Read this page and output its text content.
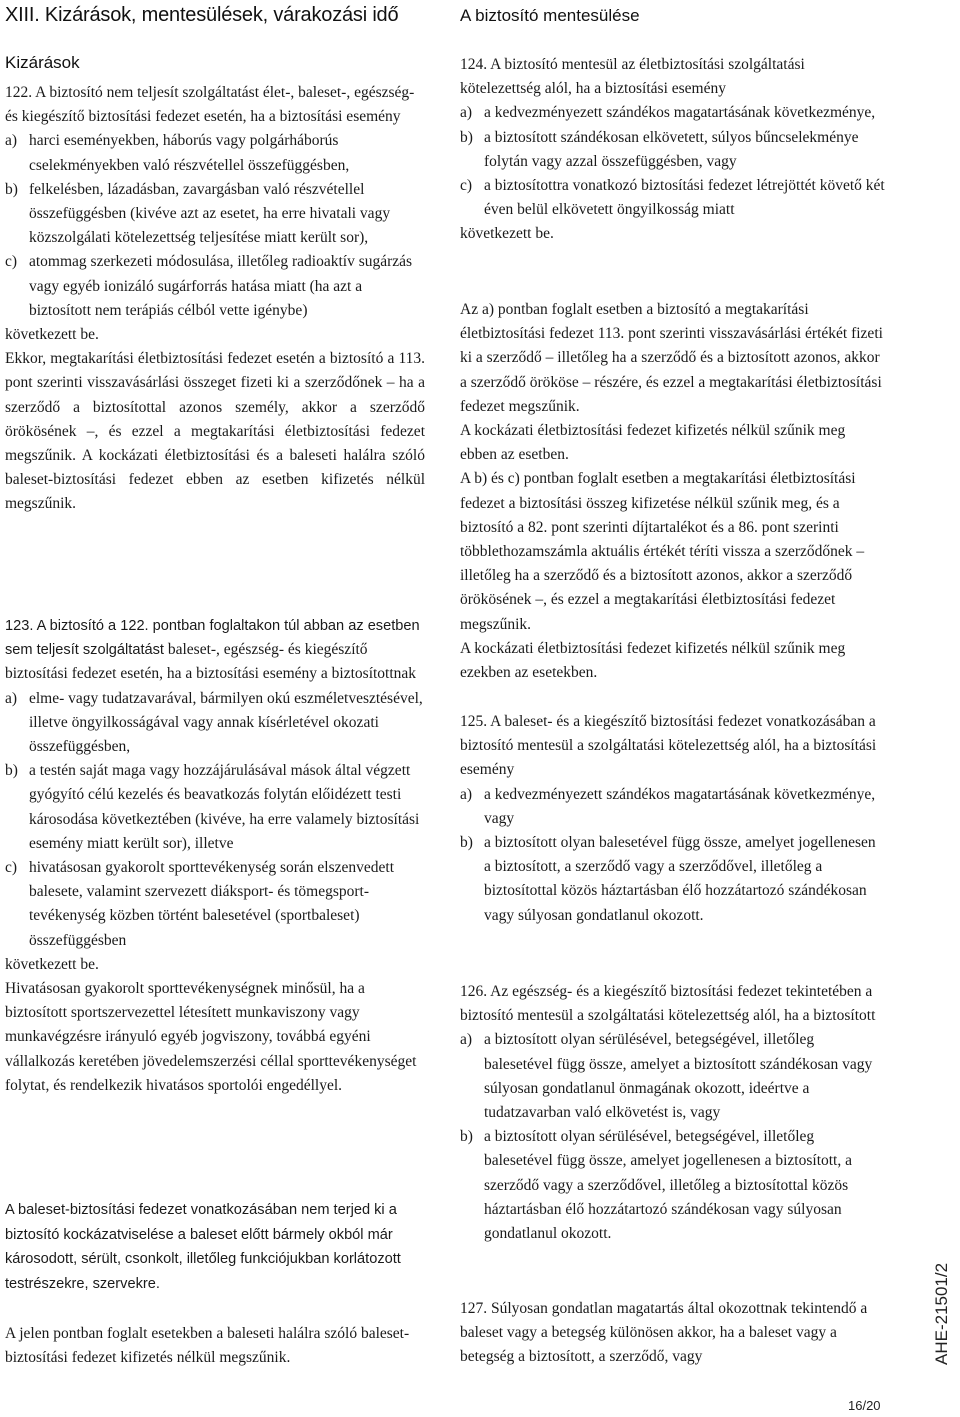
XIII. Kizárások, mentesülések, várakozási idő
Kizárások

122. A biztosító nem teljesít szolgáltatást élet-, baleset-, egészség- és kiegészítő biztosítási fedezet esetén, ha a biztosítási esemény

a) harci eseményekben, háborús vagy polgárháborús cselekményekben való részvétellel összefüggésben,
b) felkelésben, lázadásban, zavargásban való részvétellel összefüggésben (kivéve azt az esetet, ha erre hivatali vagy közszolgálati kötelezettség teljesítése miatt került sor),
c) atommag szerkezeti módosulása, illetőleg radioaktív sugárzás vagy egyéb ionizáló sugárforrás hatása miatt (ha azt a biztosított nem terápiás célból vette igénybe)

következett be.

Ekkor, megtakarítási életbiztosítási fedezet esetén a biztosító a 113. pont szerinti visszavásárlási összeget fizeti ki a szerződőnek – ha a szerződő a biztosítottal azonos személy, akkor a szerződő örökösének –, és ezzel a megtakarítási életbiztosítási fedezet megszűnik. A kockázati életbiztosítási és a baleseti halálra szóló baleset-biztosítási fedezet ebben az esetben kifizetés nélkül megszűnik.

123. A biztosító a 122. pontban foglaltakon túl abban az esetben sem teljesít szolgáltatást baleset-, egészség- és kiegészítő biztosítási fedezet esetén, ha a biztosítási esemény a biztosítottnak

a) elme- vagy tudatzavarával, bármilyen okú eszméletvesztésével, illetve öngyilkosságával vagy annak kísérletével okozati összefüggésben,
b) a testén saját maga vagy hozzájárulásával mások által végzett gyógyító célú kezelés és beavatkozás folytán előidézett testi károsodása következtében (kivéve, ha erre valamely biztosítási esemény miatt került sor), illetve
c) hivatásosan gyakorolt sporttevékenység során elszenvedett balesete, valamint szervezett diáksport- és tömegsport-tevékenység közben történt balesetével (sportbaleset) összefüggésben

következett be.

Hivatásosan gyakorolt sporttevékenységnek minősül, ha a biztosított sportszervezettel létesített munkaviszony vagy munkavégzésre irányuló egyéb jogviszony, továbbá egyéni vállalkozás keretében jövedelemszerzési céllal sporttevékenységet folytat, és rendelkezik hivatásos sportolói engedéllyel.

A baleset-biztosítási fedezet vonatkozásában nem terjed ki a biztosító kockázatviselése a baleset előtt bármely okból már károsodott, sérült, csonkolt, illetőleg funkciójukban korlátozott testrészekre, szervekre.
A jelen pontban foglalt esetekben a baleseti halálra szóló baleset-biztosítási fedezet kifizetés nélkül megszűnik.
A biztosító mentesülése

124. A biztosító mentesül az életbiztosítási szolgáltatási kötelezettség alól, ha a biztosítási esemény

a) a kedvezményezett szándékos magatartásának következménye,
b) a biztosított szándékosan elkövetett, súlyos bűncselekménye folytán vagy azzal összefüggésben, vagy
c) a biztosítottra vonatkozó biztosítási fedezet létrejöttét követő két éven belül elkövetett öngyilkosság miatt

következett be.

Az a) pontban foglalt esetben a biztosító a megtakarítási életbiztosítási fedezet 113. pont szerinti visszavásárlási értékét fizeti ki a szerződő – illetőleg ha a szerződő és a biztosított azonos, akkor a szerződő örököse – részére, és ezzel a megtakarítási életbiztosítási fedezet megszűnik.

A kockázati életbiztosítási fedezet kifizetés nélkül szűnik meg ebben az esetben.

A b) és c) pontban foglalt esetben a megtakarítási életbiztosítási fedezet a biztosítási összeg kifizetése nélkül szűnik meg, és a biztosító a 82. pont szerinti díjtartalékot és a 86. pont szerinti többlethozamszámla aktuális értékét téríti vissza a szerződőnek – illetőleg ha a szerződő és a biztosított azonos, akkor a szerződő örökösének –, és ezzel a megtakarítási életbiztosítási fedezet megszűnik.

A kockázati életbiztosítási fedezet kifizetés nélkül szűnik meg ezekben az esetekben.

125. A baleset- és a kiegészítő biztosítási fedezet vonatkozásában a biztosító mentesül a szolgáltatási kötelezettség alól, ha a biztosítási esemény

a) a kedvezményezett szándékos magatartásának következménye, vagy
b) a biztosított olyan balesetével függ össze, amelyet jogellenesen a biztosított, a szerződő vagy a szerződővel, illetőleg a biztosítottal közös háztartásban élő hozzátartozó szándékosan vagy súlyosan gondatlanul okozott.

126. Az egészség- és a kiegészítő biztosítási fedezet tekintetében a biztosító mentesül a szolgáltatási kötelezettség alól, ha a biztosított

a) a biztosított olyan sérülésével, betegségével, illetőleg balesetével függ össze, amelyet a biztosított szándékosan vagy súlyosan gondatlanul önmagának okozott, ideértve a tudatzavarban való elkövetést is, vagy
b) a biztosított olyan sérülésével, betegségével, illetőleg balesetével függ össze, amelyet jogellenesen a biztosított, a szerződő vagy a szerződővel, illetőleg a biztosítottal közös háztartásban élő hozzátartozó szándékosan vagy súlyosan gondatlanul okozott.
127. Súlyosan gondatlan magatartás által okozottnak tekintendő a baleset vagy a betegség különösen akkor, ha a baleset vagy a betegség a biztosított, a szerződő, vagy	AHE-21501/2
16/20
